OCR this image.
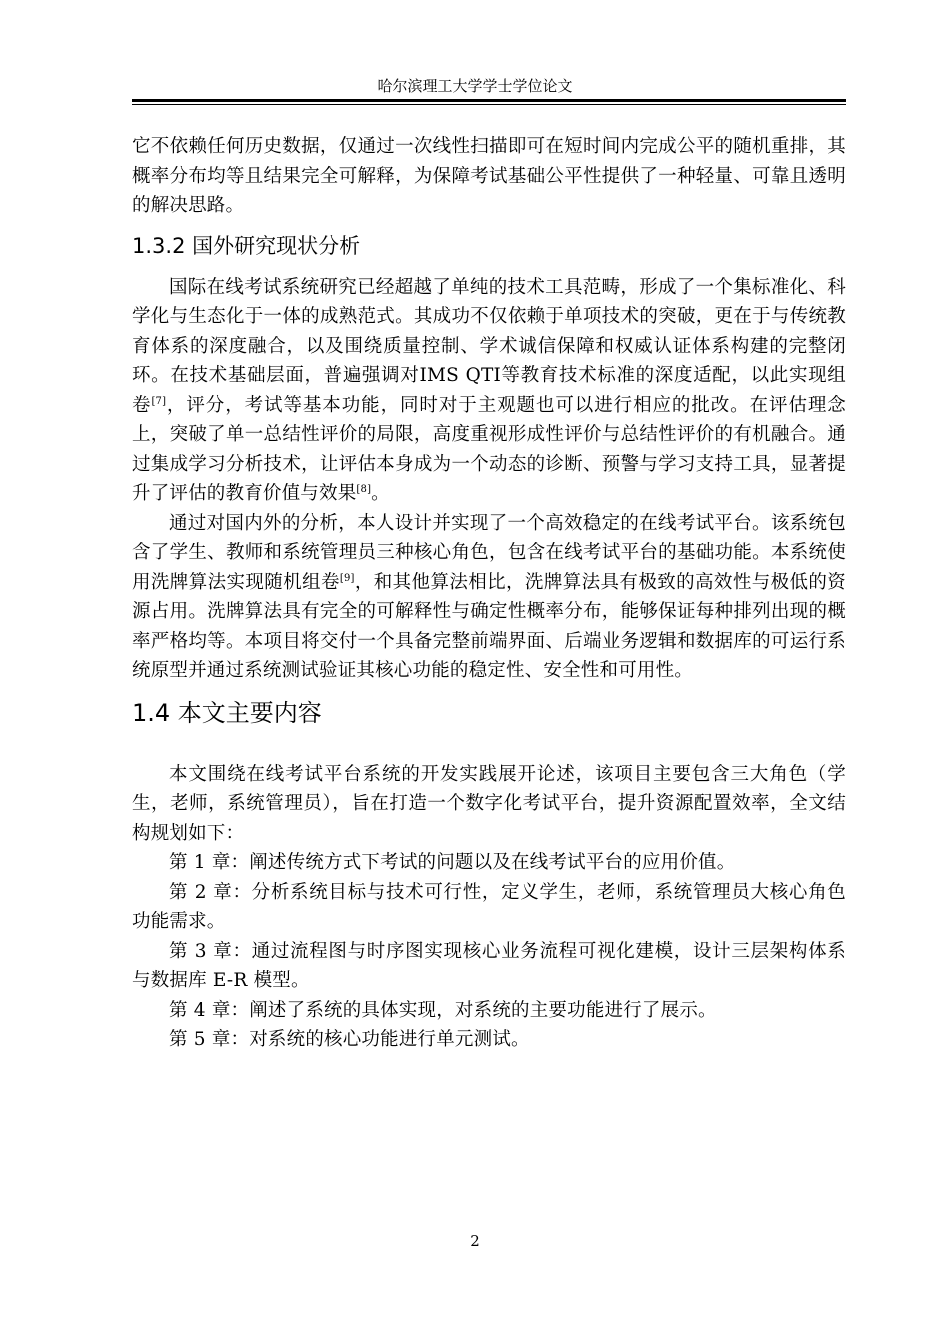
哈尔滨理工大学学士学位论文

它不依赖任何历史数据，仅通过一次线性扫描即可在短时间内完成公平的随机重排，其概率分布均等且结果完全可解释，为保障考试基础公平性提供了一种轻量、可靠且透明的解决思路。

1.3.2 国外研究现状分析

国际在线考试系统研究已经超越了单纯的技术工具范畴，形成了一个集标准化、科学化与生态化于一体的成熟范式。其成功不仅依赖于单项技术的突破，更在于与传统教育体系的深度融合，以及围绕质量控制、学术诚信保障和权威认证体系构建的完整闭环。在技术基础层面，普遍强调对IMS QTI等教育技术标准的深度适配，以此实现组卷[7]，评分，考试等基本功能，同时对于主观题也可以进行相应的批改。在评估理念上，突破了单一总结性评价的局限，高度重视形成性评价与总结性评价的有机融合。通过集成学习分析技术，让评估本身成为一个动态的诊断、预警与学习支持工具，显著提升了评估的教育价值与效果[8]。

通过对国内外的分析，本人设计并实现了一个高效稳定的在线考试平台。该系统包含了学生、教师和系统管理员三种核心角色，包含在线考试平台的基础功能。本系统使用洗牌算法实现随机组卷[9]，和其他算法相比，洗牌算法具有极致的高效性与极低的资源占用。洗牌算法具有完全的可解释性与确定性概率分布，能够保证每种排列出现的概率严格均等。本项目将交付一个具备完整前端界面、后端业务逻辑和数据库的可运行系统原型并通过系统测试验证其核心功能的稳定性、安全性和可用性。

1.4 本文主要内容

本文围绕在线考试平台系统的开发实践展开论述，该项目主要包含三大角色（学生，老师，系统管理员），旨在打造一个数字化考试平台，提升资源配置效率，全文结构规划如下：

第 1 章：阐述传统方式下考试的问题以及在线考试平台的应用价值。

第 2 章：分析系统目标与技术可行性，定义学生，老师，系统管理员大核心角色功能需求。

第 3 章：通过流程图与时序图实现核心业务流程可视化建模，设计三层架构体系与数据库 E-R 模型。

第 4 章：阐述了系统的具体实现，对系统的主要功能进行了展示。

第 5 章：对系统的核心功能进行单元测试。

2
